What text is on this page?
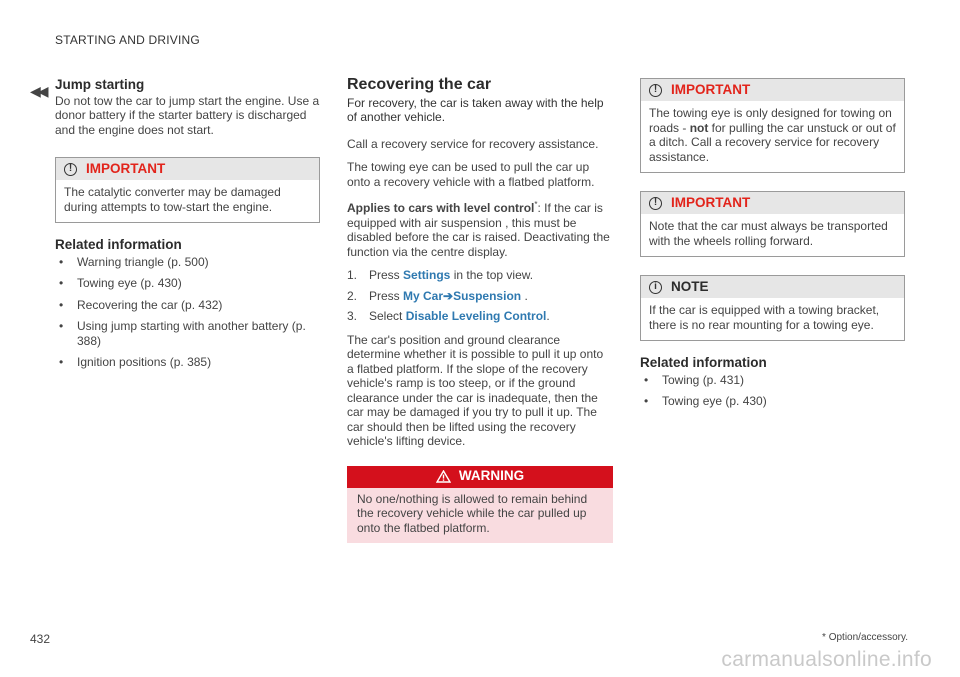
STARTING AND DRIVING
◀◀ Jump starting

Do not tow the car to jump start the engine. Use a donor battery if the starter battery is discharged and the engine does not start.

!	IMPORTANT
The catalytic converter may be damaged during attempts to tow-start the engine.
Related information
• Warning triangle (p. 500)
• Towing eye (p. 430)
• Recovering the car (p. 432)
• Using jump starting with another battery (p. 388)
• Ignition positions (p. 385)
Recovering the car

For recovery, the car is taken away with the help of another vehicle.

Call a recovery service for recovery assistance.

The towing eye can be used to pull the car up onto a recovery vehicle with a flatbed platform.

Applies to cars with level control*: If the car is equipped with air suspension , this must be disabled before the car is raised. Deactivating the function via the centre display.

1. Press Settings in the top view.
2. Press My Car➔Suspension .
3. Select Disable Leveling Control.

The car's position and ground clearance determine whether it is possible to pull it up onto a flatbed platform. If the slope of the recovery vehicle's ramp is too steep, or if the ground clearance under the car is inadequate, then the car may be damaged if you try to pull it up. The car should then be lifted using the recovery vehicle's lifting device.

WARNING
No one/nothing is allowed to remain behind the recovery vehicle while the car pulled up onto the flatbed platform.
!	IMPORTANT
The towing eye is only designed for towing on roads - not for pulling the car unstuck or out of a ditch. Call a recovery service for recovery assistance.
!	IMPORTANT
Note that the car must always be transported with the wheels rolling forward.
i	NOTE
If the car is equipped with a towing bracket, there is no rear mounting for a towing eye.
Related information
• Towing (p. 431)
• Towing eye (p. 430)
432	* Option/accessory.
carmanualsonline.info
